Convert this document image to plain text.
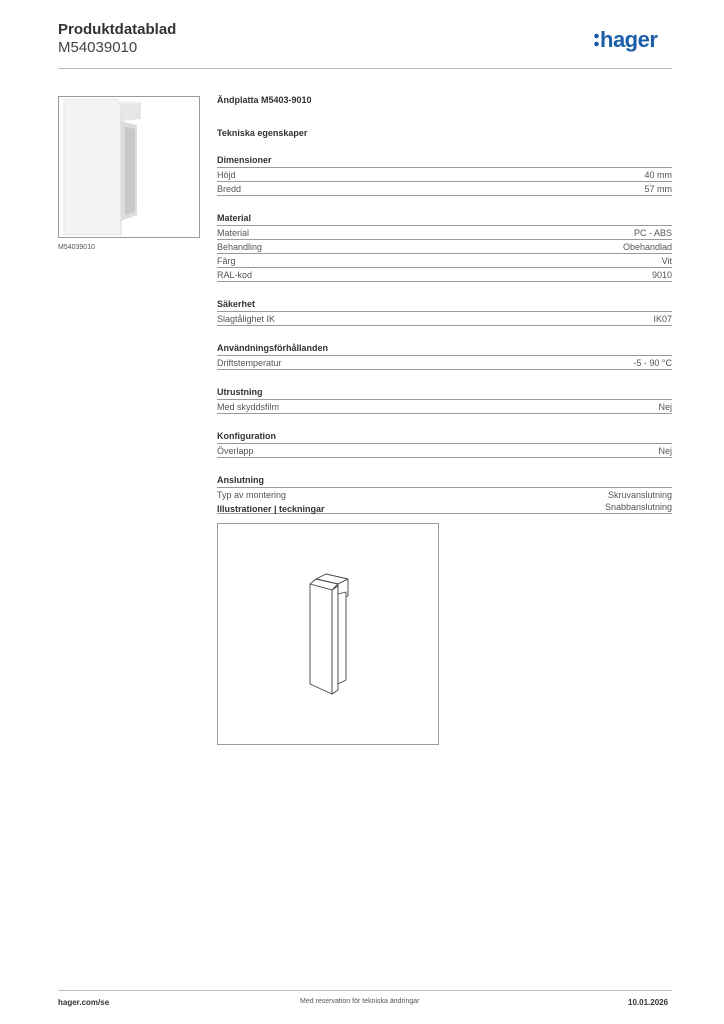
Produktdatablad
M54039010	hager
M54039010
Ändplatta M5403-9010
Tekniska egenskaper
Dimensioner
Höjd	40 mm
Bredd	57 mm
Material
Material	PC - ABS
Behandling	Obehandlad
Färg	Vit
RAL-kod	9010
Säkerhet
Slagtålighet IK	IK07
Användningsförhållanden
Driftstemperatur	-5 - 90 °C
Utrustning
Med skyddsfilm	Nej
Konfiguration
Överlapp	Nej
Anslutning
Typ av montering	Skruvanslutning
Snabbanslutning
Illustrationer | teckningar
hager.com/se	Med reservation för tekniska ändringar	10.01.2026
